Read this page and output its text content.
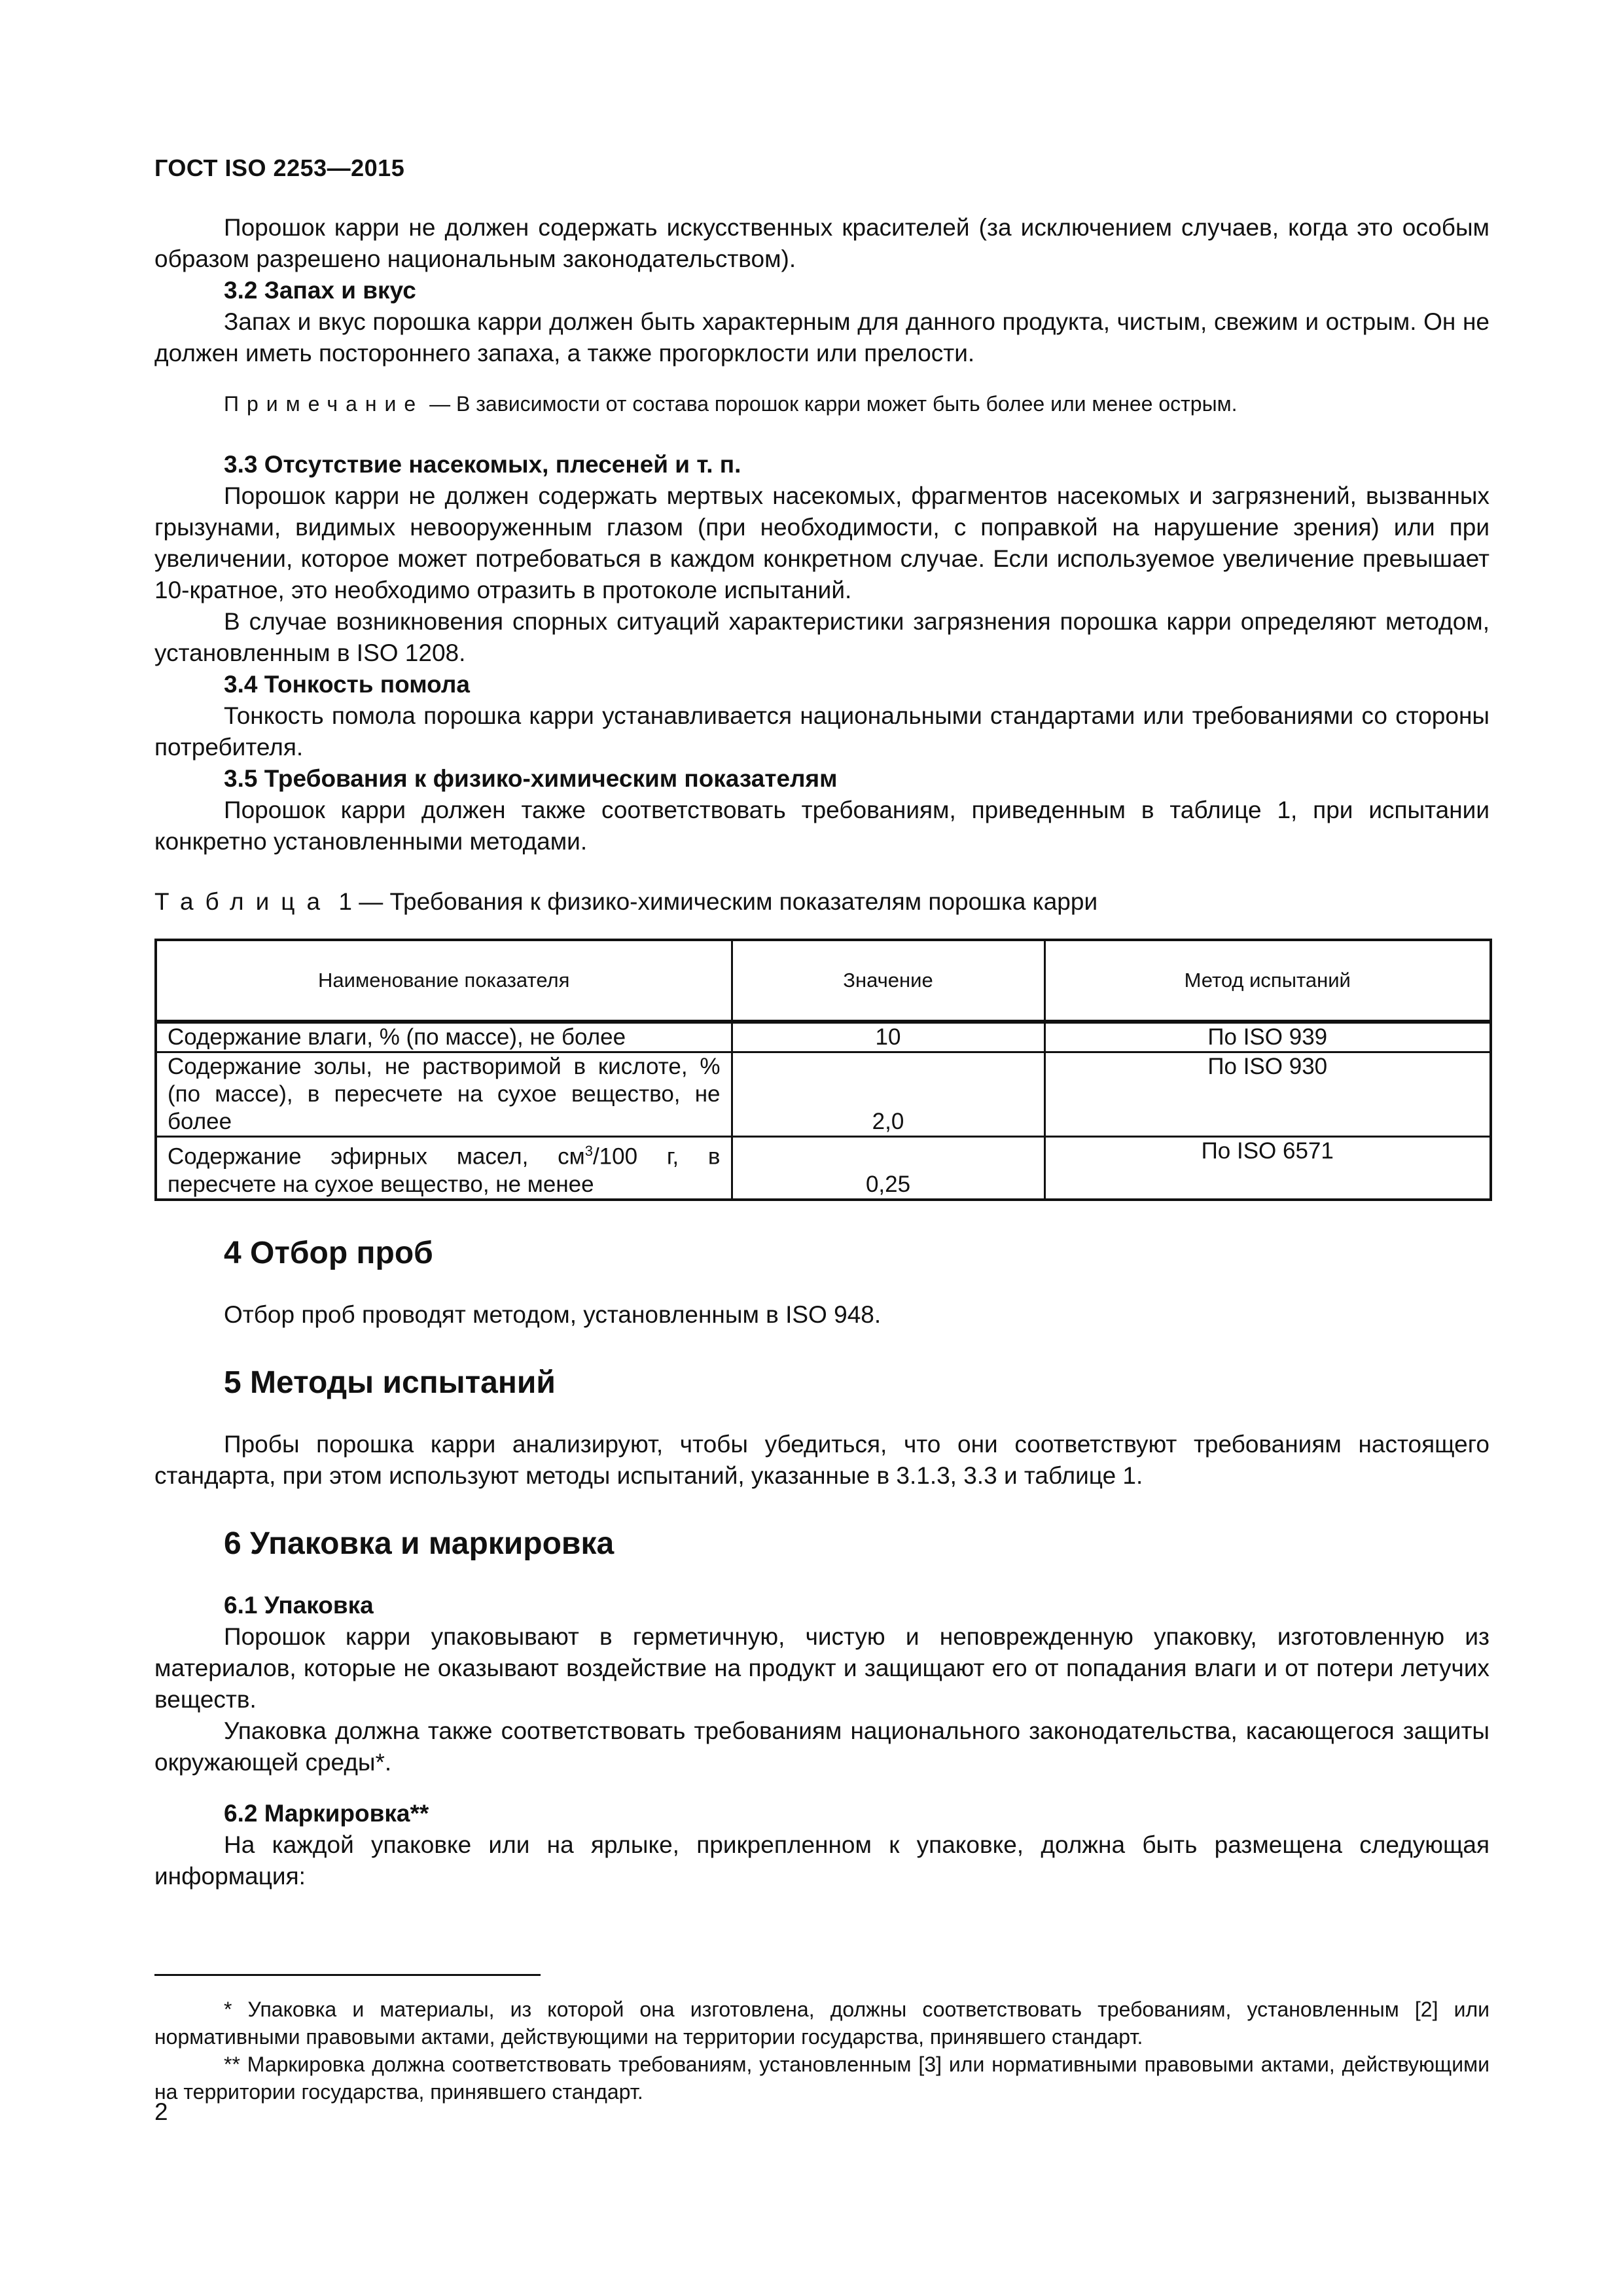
ГОСТ ISO 2253—2015

Порошок карри не должен содержать искусственных красителей (за исключением случаев, когда это особым образом разрешено национальным законодательством).

3.2 Запах и вкус

Запах и вкус порошка карри должен быть характерным для данного продукта, чистым, свежим и острым. Он не должен иметь постороннего запаха, а также прогорклости или прелости.

Примечание — В зависимости от состава порошок карри может быть более или менее острым.
3.3 Отсутствие насекомых, плесеней и т. п.

Порошок карри не должен содержать мертвых насекомых, фрагментов насекомых и загрязнений, вызванных грызунами, видимых невооруженным глазом (при необходимости, с поправкой на нарушение зрения) или при увеличении, которое может потребоваться в каждом конкретном случае. Если используемое увеличение превышает 10-кратное, это необходимо отразить в протоколе испытаний.

В случае возникновения спорных ситуаций характеристики загрязнения порошка карри определяют методом, установленным в ISO 1208.

3.4 Тонкость помола

Тонкость помола порошка карри устанавливается национальными стандартами или требованиями со стороны потребителя.

3.5 Требования к физико-химическим показателям

Порошок карри должен также соответствовать требованиям, приведенным в таблице 1, при испытании конкретно установленными методами.

Таблица 1 — Требования к физико-химическим показателям порошка карри
Наименование показателя	Значение	Метод испытаний
Содержание влаги, % (по массе), не более	10	По ISO 939
Содержание золы, не растворимой в кислоте, % (по массе), в пересчете на сухое вещество, не более	2,0	По ISO 930
Содержание эфирных масел, $см^3/100$ г, в пересчете на сухое вещество, не менее	0,25	По ISO 6571
4 Отбор проб

Отбор проб проводят методом, установленным в ISO 948.

5 Методы испытаний

Пробы порошка карри анализируют, чтобы убедиться, что они соответствуют требованиям настоящего стандарта, при этом используют методы испытаний, указанные в 3.1.3, 3.3 и таблице 1.

6 Упаковка и маркировка
6.1 Упаковка

Порошок карри упаковывают в герметичную, чистую и неповрежденную упаковку, изготовленную из материалов, которые не оказывают воздействие на продукт и защищают его от попадания влаги и от потери летучих веществ.

Упаковка должна также соответствовать требованиям национального законодательства, касающегося защиты окружающей среды*.

6.2 Маркировка**

На каждой упаковке или на ярлыке, прикрепленном к упаковке, должна быть размещена следующая информация:

* Упаковка и материалы, из которой она изготовлена, должны соответствовать требованиям, установленным [2] или нормативными правовыми актами, действующими на территории государства, принявшего стандарт.

** Маркировка должна соответствовать требованиям, установленным [3] или нормативными правовыми актами, действующими на территории государства, принявшего стандарт.

2
